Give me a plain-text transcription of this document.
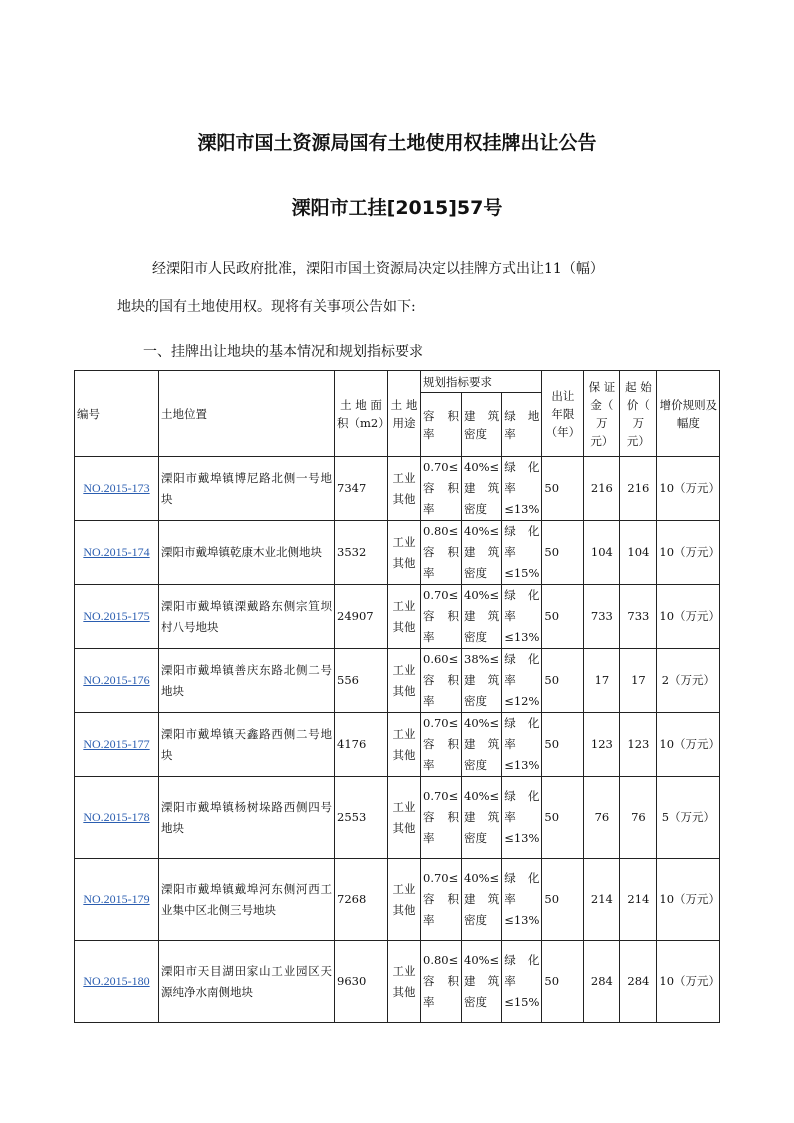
溧阳市国土资源局国有土地使用权挂牌出让公告
溧阳市工挂[2015]57号
经溧阳市人民政府批准，溧阳市国土资源局决定以挂牌方式出让11（幅）
地块的国有土地使用权。现将有关事项公告如下:
一、挂牌出让地块的基本情况和规划指标要求
编号	土地位置	土 地 面 积（m2）	土 地 用途	规划指标要求			出让 年限（年）	保 证 金（ 万 元）	起 始 价（ 万 元）	增价规则及幅度
				容 积 率	建 筑 密度	绿 地 率				
NO.2015-173	溧阳市戴埠镇博尼路北侧一号地块	7347	工业其他	0.70≤容 积率	40%≤建 筑密度	绿 化率 ≤13%	50	216	216	10（万元）
NO.2015-174	溧阳市戴埠镇乾康木业北侧地块	3532	工业其他	0.80≤容 积率	40%≤建 筑密度	绿 化率 ≤15%	50	104	104	10（万元）
NO.2015-175	溧阳市戴埠镇溧戴路东侧宗笪坝村八号地块	24907	工业其他	0.70≤容 积率	40%≤建 筑密度	绿 化率 ≤13%	50	733	733	10（万元）
NO.2015-176	溧阳市戴埠镇善庆东路北侧二号地块	556	工业其他	0.60≤容 积率	38%≤建 筑密度	绿 化率 ≤12%	50	17	17	2（万元）
NO.2015-177	溧阳市戴埠镇天鑫路西侧二号地块	4176	工业其他	0.70≤容 积率	40%≤建 筑密度	绿 化率 ≤13%	50	123	123	10（万元）
NO.2015-178	溧阳市戴埠镇杨树垛路西侧四号地块	2553	工业其他	0.70≤容 积率	40%≤建 筑密度	绿 化率 ≤13%	50	76	76	5（万元）
NO.2015-179	溧阳市戴埠镇戴埠河东侧河西工业集中区北侧三号地块	7268	工业其他	0.70≤容 积率	40%≤建 筑密度	绿 化率 ≤13%	50	214	214	10（万元）
NO.2015-180	溧阳市天目湖田家山工业园区天源纯净水南侧地块	9630	工业其他	0.80≤容 积率	40%≤建 筑密度	绿 化率 ≤15%	50	284	284	10（万元）
